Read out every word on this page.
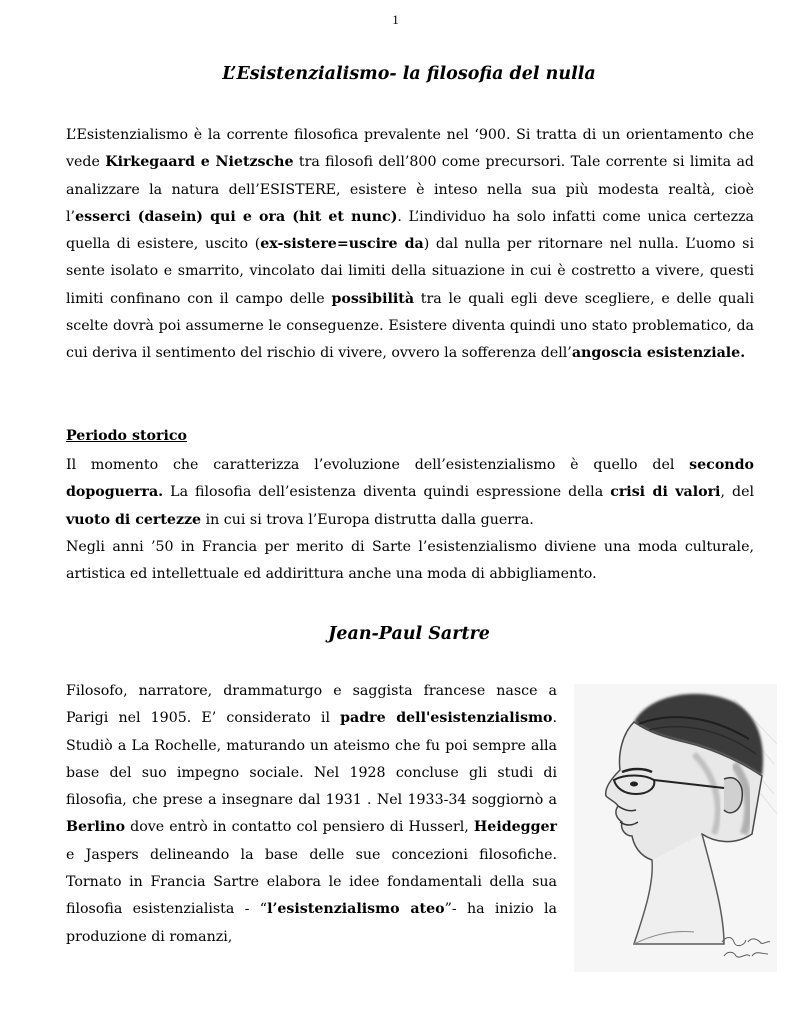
1
L’Esistenzialismo- la filosofia del nulla

L’Esistenzialismo è la corrente filosofica prevalente nel ‘900. Si tratta di un orientamento che vede Kirkegaard e Nietzsche tra filosofi dell’800 come precursori. Tale corrente si limita ad analizzare la natura dell’ESISTERE, esistere è inteso nella sua più modesta realtà, cioè l’esserci (dasein) qui e ora (hit et nunc). L’individuo ha solo infatti come unica certezza quella di esistere, uscito (ex-sistere=uscire da) dal nulla per ritornare nel nulla. L’uomo si sente isolato e smarrito, vincolato dai limiti della situazione in cui è costretto a vivere, questi limiti confinano con il campo delle possibilità tra le quali egli deve scegliere, e delle quali scelte dovrà poi assumerne le conseguenze. Esistere diventa quindi uno stato problematico, da cui deriva il sentimento del rischio di vivere, ovvero la sofferenza dell’angoscia esistenziale.

Periodo storico

Il momento che caratterizza l’evoluzione dell’esistenzialismo è quello del secondo dopoguerra. La filosofia dell’esistenza diventa quindi espressione della crisi di valori, del vuoto di certezze in cui si trova l’Europa distrutta dalla guerra.
Negli anni ’50 in Francia per merito di Sarte l’esistenzialismo diviene una moda culturale, artistica ed intellettuale ed addirittura anche una moda di abbigliamento.

Jean-Paul Sartre

Filosofo, narratore, drammaturgo e saggista francese nasce a Parigi nel 1905. E’ considerato il padre dell'esistenzialismo. Studiò a La Rochelle, maturando un ateismo che fu poi sempre alla base del suo impegno sociale. Nel 1928 concluse gli studi di filosofia, che prese a insegnare dal 1931 . Nel 1933-34 soggiornò a Berlino dove entrò in contatto col pensiero di Husserl, Heidegger e Jaspers delineando la base delle sue concezioni filosofiche. Tornato in Francia Sartre elabora le idee fondamentali della sua filosofia esistenzialista - “l’esistenzialismo ateo”- ha inizio la produzione di romanzi,
